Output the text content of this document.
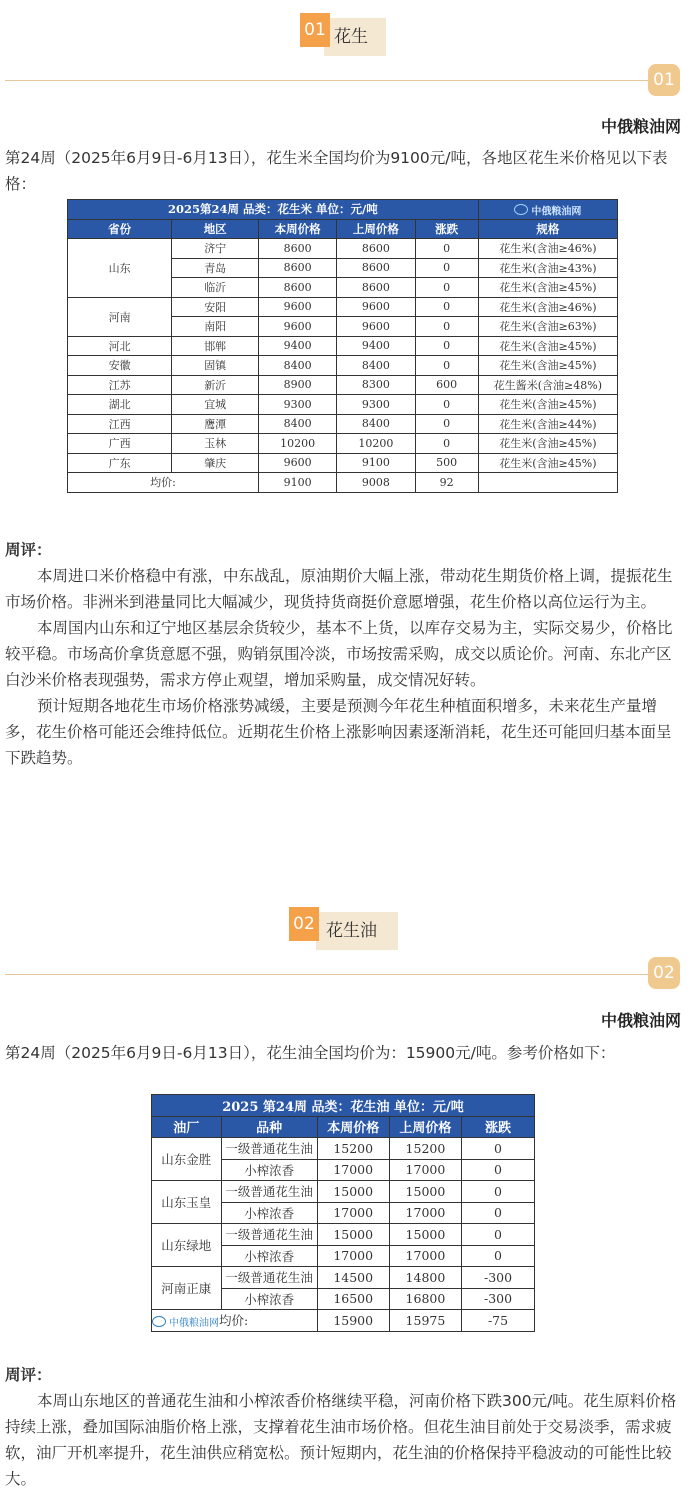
花生
01
01
中俄粮油网
第24周（2025年6月9日-6月13日），花生米全国均价为9100元/吨，各地区花生米价格见以下表格：
2025第24周 品类：花生米 单位：元/吨					中俄粮油网
省份	地区	本周价格	上周价格	涨跌	规格
山东	济宁	8600	8600	0	花生米(含油≥46%)
	青岛	8600	8600	0	花生米(含油≥43%)
	临沂	8600	8600	0	花生米(含油≥45%)
河南	安阳	9600	9600	0	花生米(含油≥46%)
	南阳	9600	9600	0	花生米(含油≥63%)
河北	邯郸	9400	9400	0	花生米(含油≥45%)
安徽	固镇	8400	8400	0	花生米(含油≥45%)
江苏	新沂	8900	8300	600	花生酱米(含油≥48%)
湖北	宜城	9300	9300	0	花生米(含油≥45%)
江西	鹰潭	8400	8400	0	花生米(含油≥44%)
广西	玉林	10200	10200	0	花生米(含油≥45%)
广东	肇庆	9600	9100	500	花生米(含油≥45%)
均价:		9100	9008	92	
周评：
本周进口米价格稳中有涨，中东战乱，原油期价大幅上涨，带动花生期货价格上调，提振花生市场价格。非洲米到港量同比大幅减少，现货持货商挺价意愿增强，花生价格以高位运行为主。
本周国内山东和辽宁地区基层余货较少，基本不上货，以库存交易为主，实际交易少，价格比较平稳。市场高价拿货意愿不强，购销氛围冷淡，市场按需采购，成交以质论价。河南、东北产区白沙米价格表现强势，需求方停止观望，增加采购量，成交情况好转。
预计短期各地花生市场价格涨势减缓，主要是预测今年花生种植面积增多，未来花生产量增多，花生价格可能还会维持低位。近期花生价格上涨影响因素逐渐消耗，花生还可能回归基本面呈下跌趋势。
花生油
02
02
中俄粮油网
第24周（2025年6月9日-6月13日），花生油全国均价为：15900元/吨。参考价格如下：
2025 第24周 品类：花生油 单位：元/吨				
油厂	品种	本周价格	上周价格	涨跌
山东金胜	一级普通花生油	15200	15200	0
	小榨浓香	17000	17000	0
山东玉皇	一级普通花生油	15000	15000	0
	小榨浓香	17000	17000	0
山东绿地	一级普通花生油	15000	15000	0
	小榨浓香	17000	17000	0
河南正康	一级普通花生油	14500	14800	-300
	小榨浓香	16500	16800	-300
中俄粮油网均价:		15900	15975	-75
周评：
本周山东地区的普通花生油和小榨浓香价格继续平稳，河南价格下跌300元/吨。花生原料价格持续上涨，叠加国际油脂价格上涨，支撑着花生油市场价格。但花生油目前处于交易淡季，需求疲软，油厂开机率提升，花生油供应稍宽松。预计短期内，花生油的价格保持平稳波动的可能性比较大。
